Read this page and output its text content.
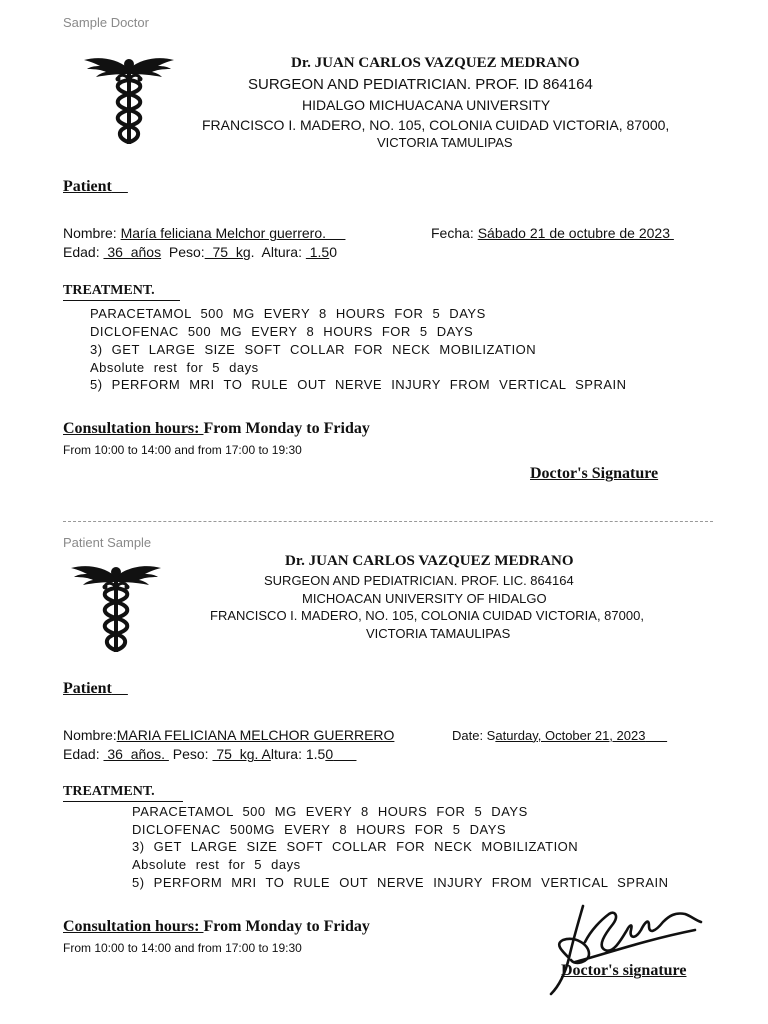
Sample Doctor
Dr. JUAN CARLOS VAZQUEZ MEDRANO
SURGEON AND PEDIATRICIAN. PROF. ID 864164
HIDALGO MICHUACANA UNIVERSITY
FRANCISCO I. MADERO, NO. 105, COLONIA CUIDAD VICTORIA, 87000,
VICTORIA TAMULIPAS
Patient
Nombre: María feliciana Melchor guerrero.	Fecha: Sábado 21 de octubre de 2023
Edad:  36  años  Peso:  75  kg.  Altura:  1.50
TREATMENT.
PARACETAMOL 500 MG EVERY 8 HOURS FOR 5 DAYS
DICLOFENAC 500 MG EVERY 8 HOURS FOR 5 DAYS
3) GET LARGE SIZE SOFT COLLAR FOR NECK MOBILIZATION
Absolute rest for 5 days
5) PERFORM MRI TO RULE OUT NERVE INJURY FROM VERTICAL SPRAIN
Consultation hours: From Monday to Friday
From 10:00 to 14:00 and from 17:00 to 19:30
Doctor's Signature
Patient Sample
Dr. JUAN CARLOS VAZQUEZ MEDRANO
SURGEON AND PEDIATRICIAN. PROF. LIC. 864164
MICHOACAN UNIVERSITY OF HIDALGO
FRANCISCO I. MADERO, NO. 105, COLONIA CUIDAD VICTORIA, 87000,
VICTORIA TAMAULIPAS
Patient
Nombre:MARIA FELICIANA MELCHOR GUERRERO	Date: Saturday, October 21, 2023
Edad:  36  años.  Peso:  75  kg. Altura: 1.50
TREATMENT.
PARACETAMOL 500 MG EVERY 8 HOURS FOR 5 DAYS
DICLOFENAC 500MG EVERY 8 HOURS FOR 5 DAYS
3) GET LARGE SIZE SOFT COLLAR FOR NECK MOBILIZATION
Absolute rest for 5 days
5) PERFORM MRI TO RULE OUT NERVE INJURY FROM VERTICAL SPRAIN
Consultation hours: From Monday to Friday
From 10:00 to 14:00 and from 17:00 to 19:30
Doctor's signature
